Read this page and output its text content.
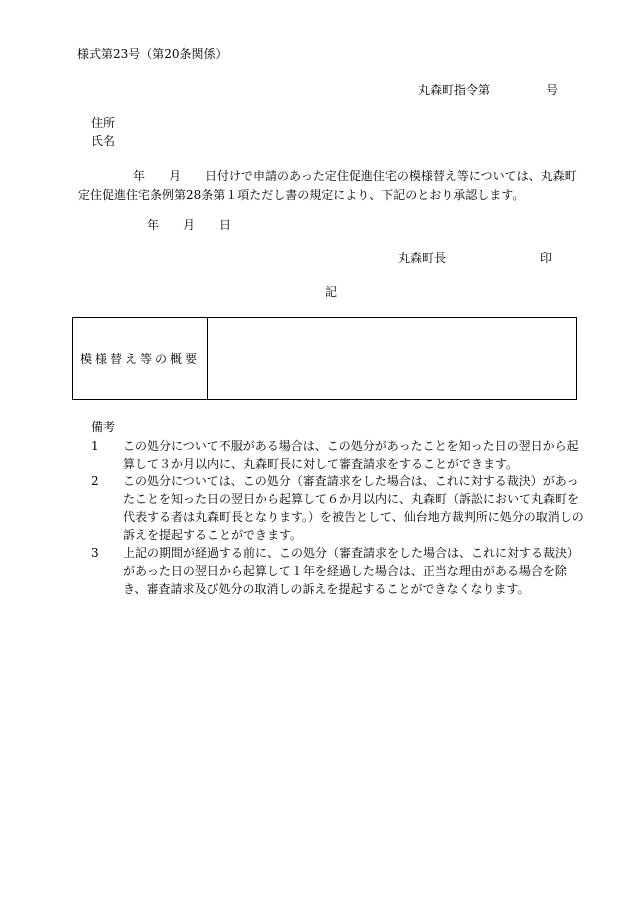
様式第23号（第20条関係）
丸森町指令第	号
住所
氏名
年　　月　　日付けで申請のあった定住促進住宅の模様替え等については、丸森町定住促進住宅条例第28条第１項ただし書の規定により、下記のとおり承認します。
年　　月　　日
丸森町長	印
記
模様替え等の概要	
備考
1 この処分について不服がある場合は、この処分があったことを知った日の翌日から起算して３か月以内に、丸森町長に対して審査請求をすることができます。
2 この処分については、この処分（審査請求をした場合は、これに対する裁決）があったことを知った日の翌日から起算して６か月以内に、丸森町（訴訟において丸森町を代表する者は丸森町長となります。）を被告として、仙台地方裁判所に処分の取消しの訴えを提起することができます。
3 上記の期間が経過する前に、この処分（審査請求をした場合は、これに対する裁決）があった日の翌日から起算して１年を経過した場合は、正当な理由がある場合を除き、審査請求及び処分の取消しの訴えを提起することができなくなります。
